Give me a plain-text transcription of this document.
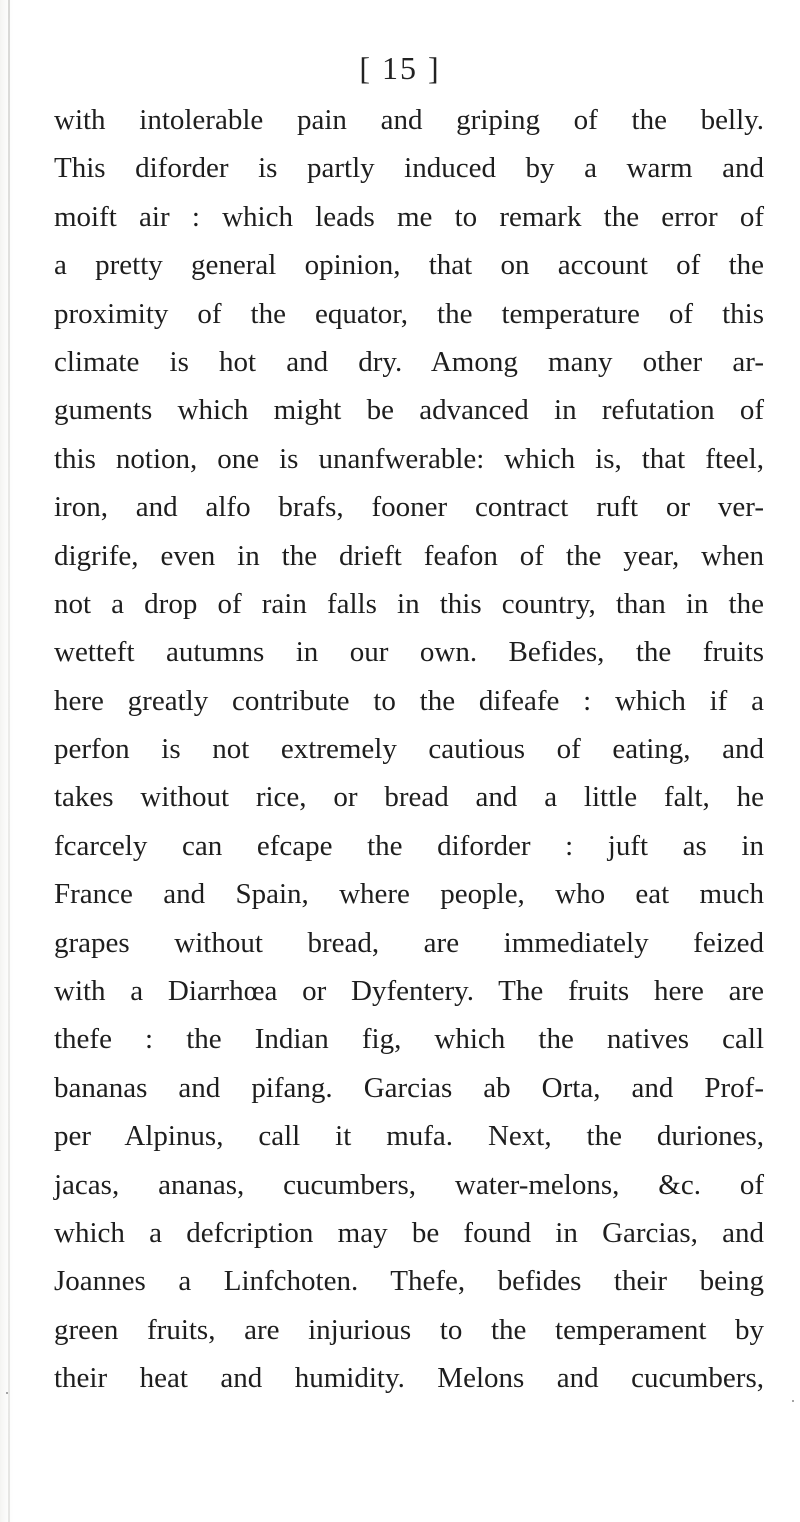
[ 15 ]

with intolerable pain and griping of the belly.
This diforder is partly induced by a warm and
moift air : which leads me to remark the error of
a pretty general opinion, that on account of the
proximity of the equator, the temperature of this
climate is hot and dry. Among many other ar-
guments which might be advanced in refutation of
this notion, one is unanfwerable: which is, that fteel,
iron, and alfo brafs, fooner contract ruft or ver-
digrife, even in the drieft feafon of the year, when
not a drop of rain falls in this country, than in the
wetteft autumns in our own. Befides, the fruits
here greatly contribute to the difeafe : which if a
perfon is not extremely cautious of eating, and
takes without rice, or bread and a little falt, he
fcarcely can efcape the diforder : juft as in
France and Spain, where people, who eat much
grapes without bread, are immediately feized
with a Diarrhœa or Dyfentery. The fruits here are
thefe : the Indian fig, which the natives call
bananas and pifang. Garcias ab Orta, and Prof-
per Alpinus, call it mufa. Next, the duriones,
jacas, ananas, cucumbers, water-melons, &c. of
which a defcription may be found in Garcias, and
Joannes a Linfchoten. Thefe, befides their being
green fruits, are injurious to the temperament by
their heat and humidity. Melons and cucumbers,
